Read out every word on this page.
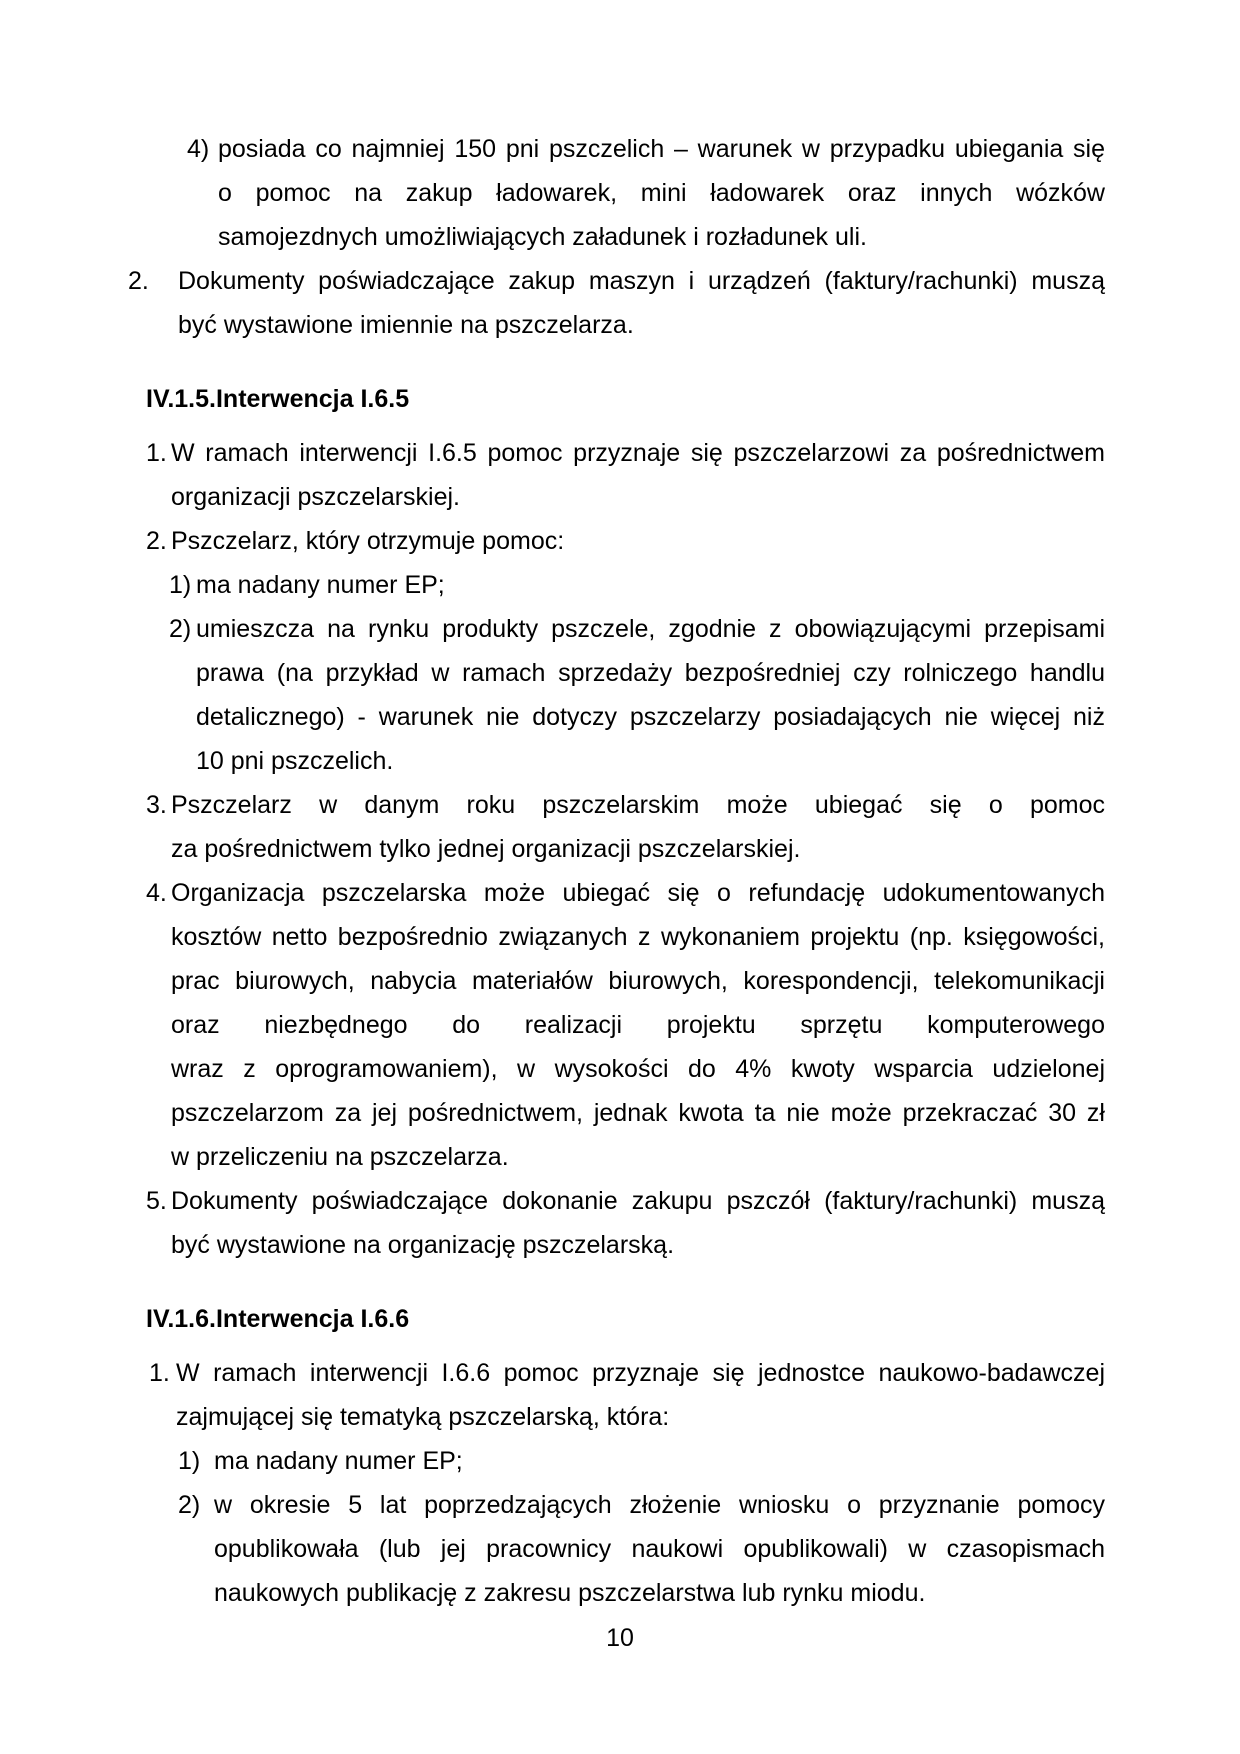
4) posiada co najmniej 150 pni pszczelich – warunek w przypadku ubiegania się
o pomoc na zakup ładowarek, mini ładowarek oraz innych wózków
samojezdnych umożliwiających załadunek i rozładunek uli.
2. Dokumenty poświadczające zakup maszyn i urządzeń (faktury/rachunki) muszą
być wystawione imiennie na pszczelarza.
IV.1.5.Interwencja I.6.5
1. W ramach interwencji I.6.5 pomoc przyznaje się pszczelarzowi za pośrednictwem
organizacji pszczelarskiej.
2. Pszczelarz, który otrzymuje pomoc:
1) ma nadany numer EP;
2) umieszcza na rynku produkty pszczele, zgodnie z obowiązującymi przepisami
prawa (na przykład w ramach sprzedaży bezpośredniej czy rolniczego handlu
detalicznego) - warunek nie dotyczy pszczelarzy posiadających nie więcej niż
10 pni pszczelich.
3. Pszczelarz w danym roku pszczelarskim może ubiegać się o pomoc
za pośrednictwem tylko jednej organizacji pszczelarskiej.
4. Organizacja pszczelarska może ubiegać się o refundację udokumentowanych
kosztów netto bezpośrednio związanych z wykonaniem projektu (np. księgowości,
prac biurowych, nabycia materiałów biurowych, korespondencji, telekomunikacji
oraz niezbędnego do realizacji projektu sprzętu komputerowego
wraz z oprogramowaniem), w wysokości do 4% kwoty wsparcia udzielonej
pszczelarzom za jej pośrednictwem, jednak kwota ta nie może przekraczać 30 zł
w przeliczeniu na pszczelarza.
5. Dokumenty poświadczające dokonanie zakupu pszczół (faktury/rachunki) muszą
być wystawione na organizację pszczelarską.
IV.1.6.Interwencja I.6.6
1. W ramach interwencji I.6.6 pomoc przyznaje się jednostce naukowo-badawczej
zajmującej się tematyką pszczelarską, która:
1) ma nadany numer EP;
2) w okresie 5 lat poprzedzających złożenie wniosku o przyznanie pomocy
opublikowała (lub jej pracownicy naukowi opublikowali) w czasopismach
naukowych publikację z zakresu pszczelarstwa lub rynku miodu.
10
